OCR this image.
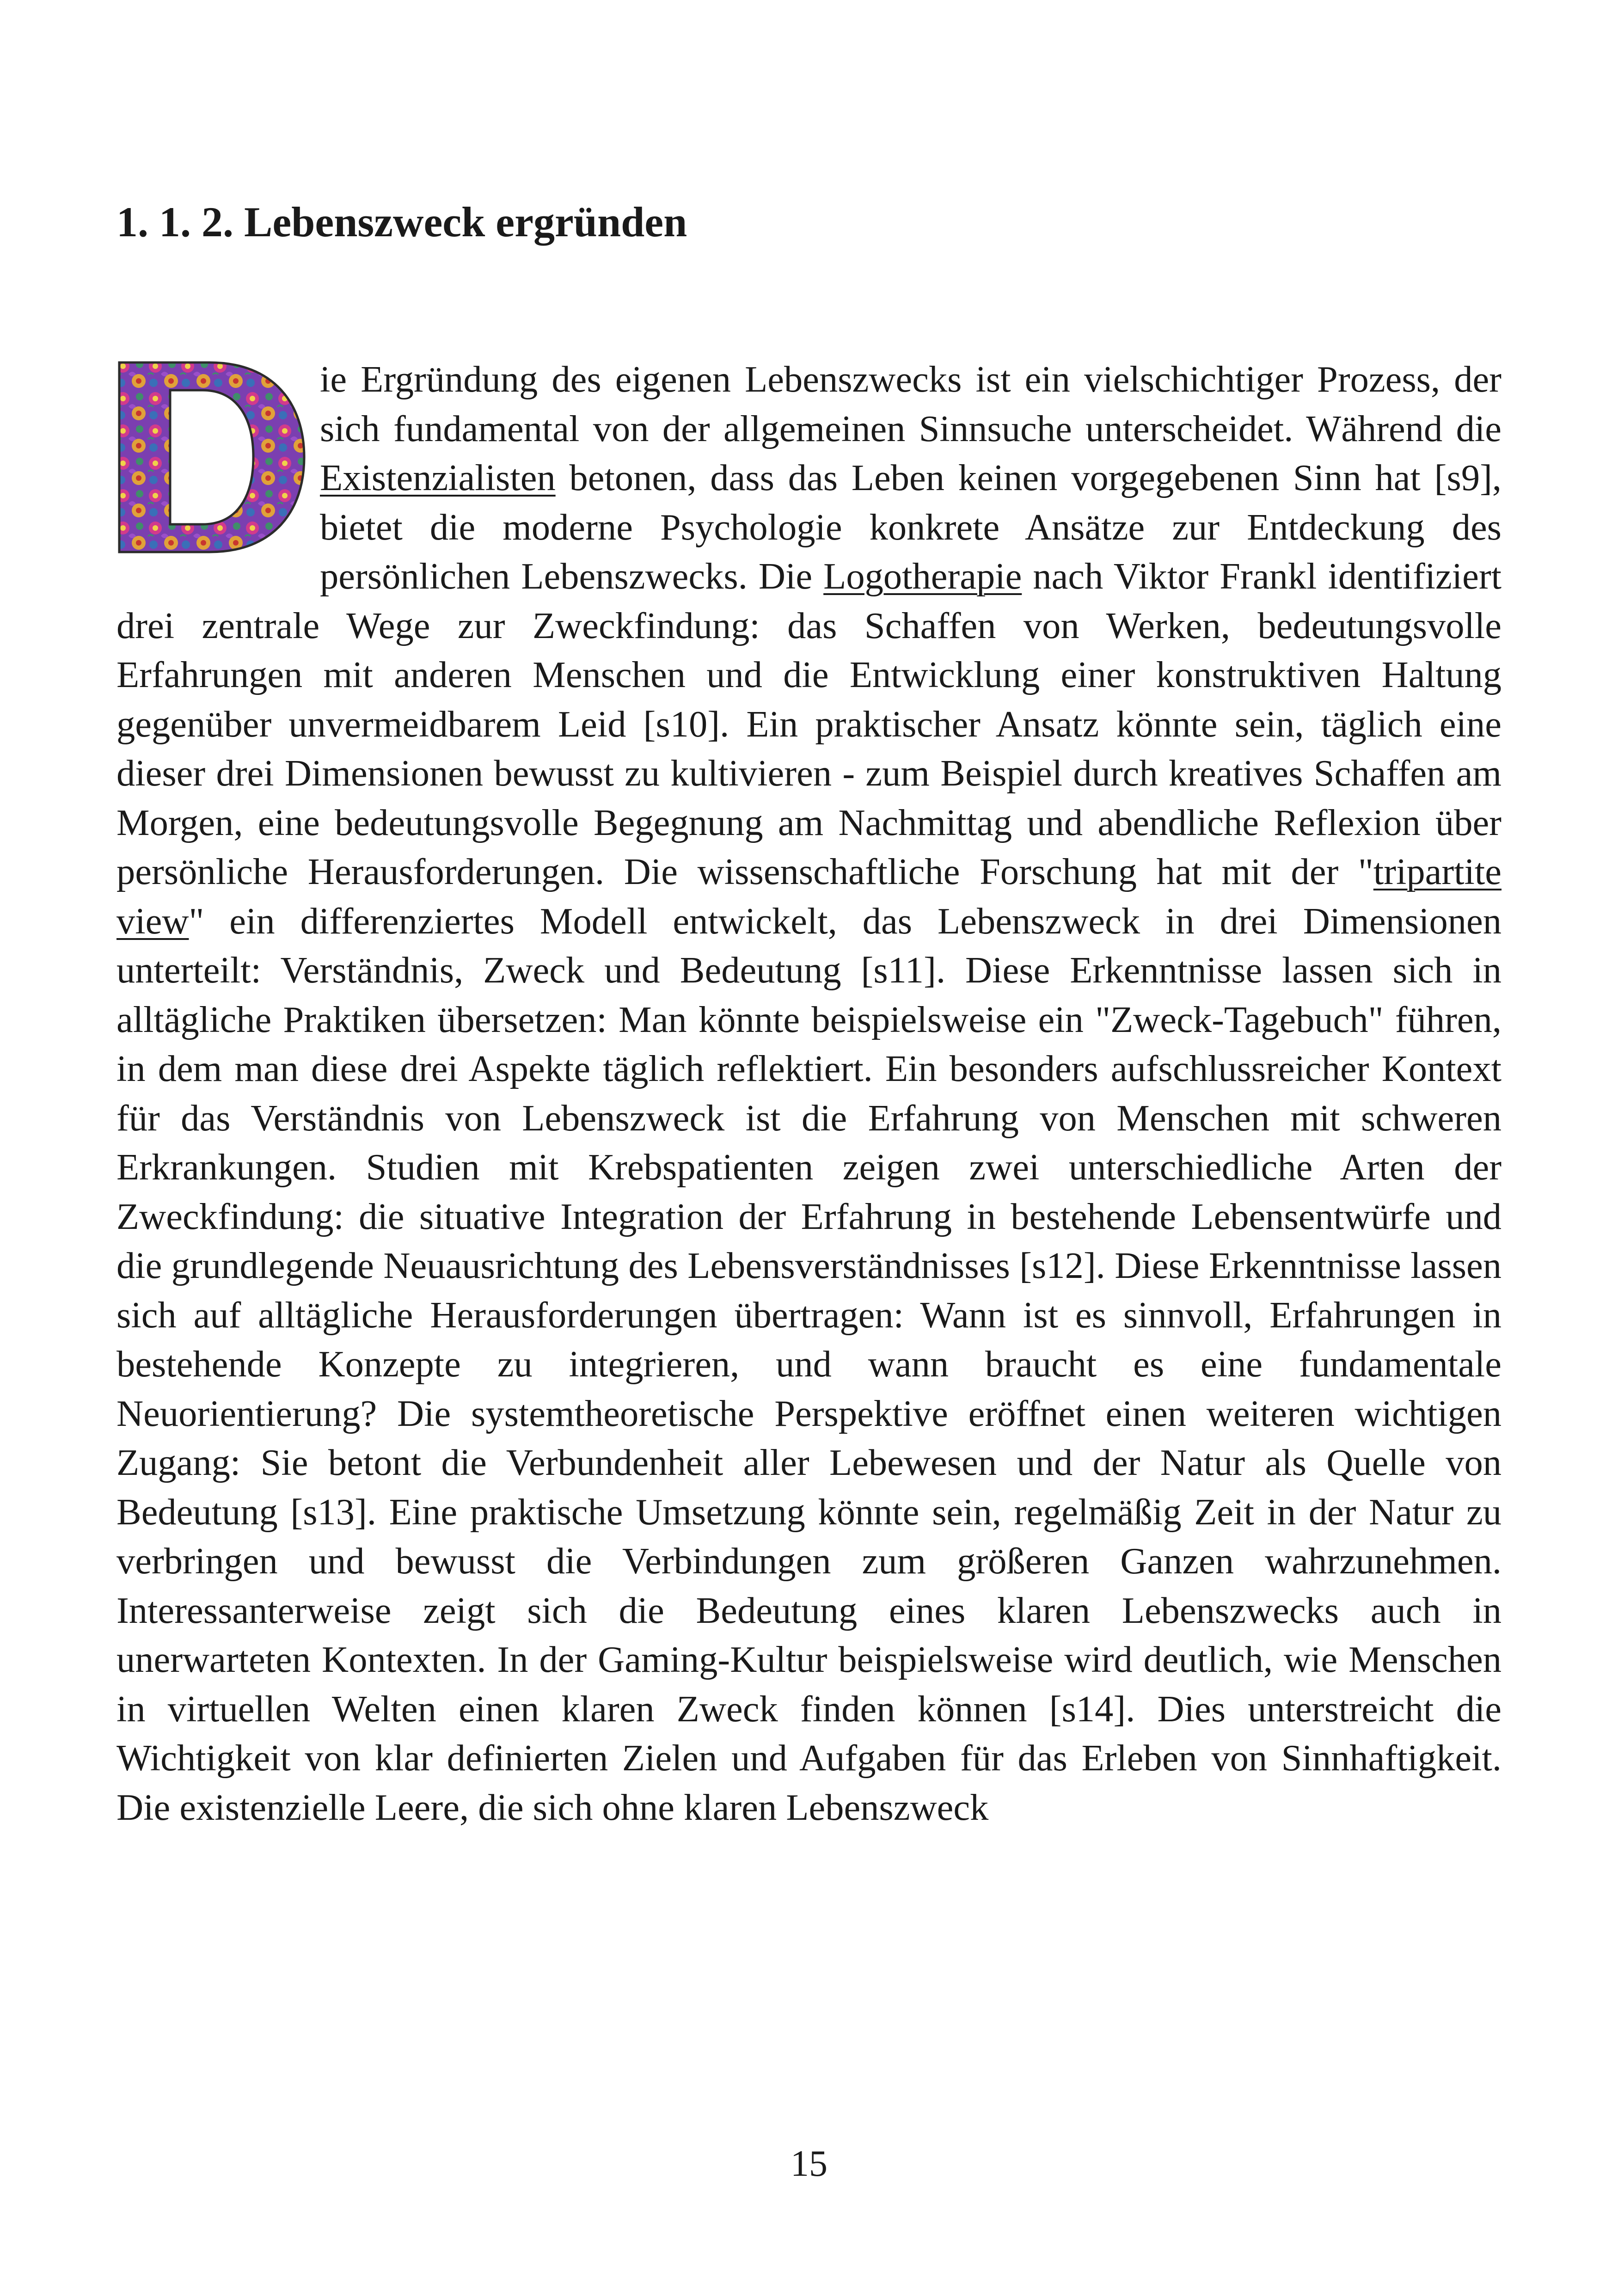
1. 1. 2. Lebenszweck ergründen

D
ie Ergründung des eigenen Lebenszwecks ist ein vielschichtiger Prozess, der sich fundamental von der allgemeinen Sinnsuche unterscheidet. Während die Existenzialisten betonen, dass das Leben keinen vorgegebenen Sinn hat [s9], bietet die moderne Psychologie konkrete Ansätze zur Entdeckung des persönlichen Lebenszwecks. Die Logotherapie nach Viktor Frankl identifiziert drei zentrale Wege zur Zweckfindung: das Schaffen von Werken, bedeutungsvolle Erfahrungen mit anderen Menschen und die Entwicklung einer konstruktiven Haltung gegenüber unvermeidbarem Leid [s10]. Ein praktischer Ansatz könnte sein, täglich eine dieser drei Dimensionen bewusst zu kultivieren - zum Beispiel durch kreatives Schaffen am Morgen, eine bedeutungsvolle Begegnung am Nachmittag und abendliche Reflexion über persönliche Herausforderungen. Die wissenschaftliche Forschung hat mit der "tripartite view" ein differenziertes Modell entwickelt, das Lebenszweck in drei Dimensionen unterteilt: Verständnis, Zweck und Bedeutung [s11]. Diese Erkenntnisse lassen sich in alltägliche Praktiken übersetzen: Man könnte beispielsweise ein "Zweck-Tagebuch" führen, in dem man diese drei Aspekte täglich reflektiert. Ein besonders aufschlussreicher Kontext für das Verständnis von Lebenszweck ist die Erfahrung von Menschen mit schweren Erkrankungen. Studien mit Krebspatienten zeigen zwei unterschiedliche Arten der Zweckfindung: die situative Integration der Erfahrung in bestehende Lebensentwürfe und die grundlegende Neuausrichtung des Lebensverständnisses [s12]. Diese Erkenntnisse lassen sich auf alltägliche Herausforderungen übertragen: Wann ist es sinnvoll, Erfahrungen in bestehende Konzepte zu integrieren, und wann braucht es eine fundamentale Neuorientierung? Die systemtheoretische Perspektive eröffnet einen weiteren wichtigen Zugang: Sie betont die Verbundenheit aller Lebewesen und der Natur als Quelle von Bedeutung [s13]. Eine praktische Umsetzung könnte sein, regelmäßig Zeit in der Natur zu verbringen und bewusst die Verbindungen zum größeren Ganzen wahrzunehmen. Interessanterweise zeigt sich die Bedeutung eines klaren Lebenszwecks auch in unerwarteten Kontexten. In der Gaming-Kultur beispielsweise wird deutlich, wie Menschen in virtuellen Welten einen klaren Zweck finden können [s14]. Dies unterstreicht die Wichtigkeit von klar definierten Zielen und Aufgaben für das Erleben von Sinnhaftigkeit. Die existenzielle Leere, die sich ohne klaren Lebenszweck

15
